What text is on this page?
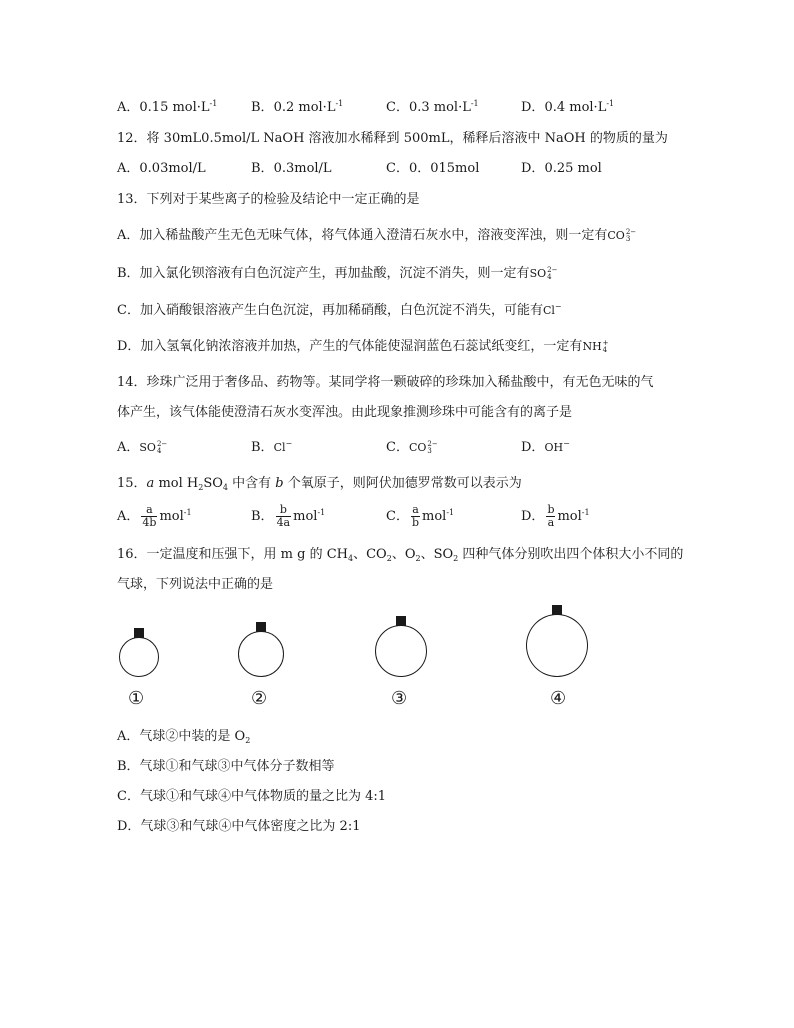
A．0.15 $mol\cdot L^{-1}$	B．0.2 $mol\cdot L^{-1}$	C．0.3 $mol\cdot L^{-1}$	D．0.4 $mol\cdot L^{-1}$
12．将 30mL0.5mol/L NaOH 溶液加水稀释到 500mL，稀释后溶液中 NaOH 的物质的量为
A．0.03mol/L	B．0.3mol/L	C．0．015mol	D．0.25 mol
13．下列对于某些离子的检验及结论中一定正确的是
A．加入稀盐酸产生无色无味气体，将气体通入澄清石灰水中，溶液变浑浊，则一定有CO 2−
3
B．加入氯化钡溶液有白色沉淀产生，再加盐酸，沉淀不消失，则一定有SO 2−
4
C．加入硝酸银溶液产生白色沉淀，再加稀硝酸，白色沉淀不消失，可能有Cl−
D．加入氢氧化钠浓溶液并加热，产生的气体能使湿润蓝色石蕊试纸变红，一定有NH +
4
14．珍珠广泛用于奢侈品、药物等。某同学将一颗破碎的珍珠加入稀盐酸中，有无色无味的气
体产生，该气体能使澄清石灰水变浑浊。由此现象推测珍珠中可能含有的离子是
A．SO 2−
4	B．Cl−	C．CO 2−
3	D．OH−
15．a mol $H_2SO_4$ 中含有 b 个氧原子，则阿伏加德罗常数可以表示为
A． $\frac{a}{4b} mol^{-1}$	B． $\frac{b}{4a} mol^{-1}$	C． $\frac{a}{b} mol^{-1}$	D． $\frac{b}{a} mol^{-1}$
16．一定温度和压强下，用 m g 的 $CH_4$、$CO_2$、$O_2$、$SO_2$ 四种气体分别吹出四个体积大小不同的
气球，下列说法中正确的是
①	②	③	④
A．气球②中装的是 $O_2$
B．气球①和气球③中气体分子数相等
C．气球①和气球④中气体物质的量之比为 4:1
D．气球③和气球④中气体密度之比为 2:1
